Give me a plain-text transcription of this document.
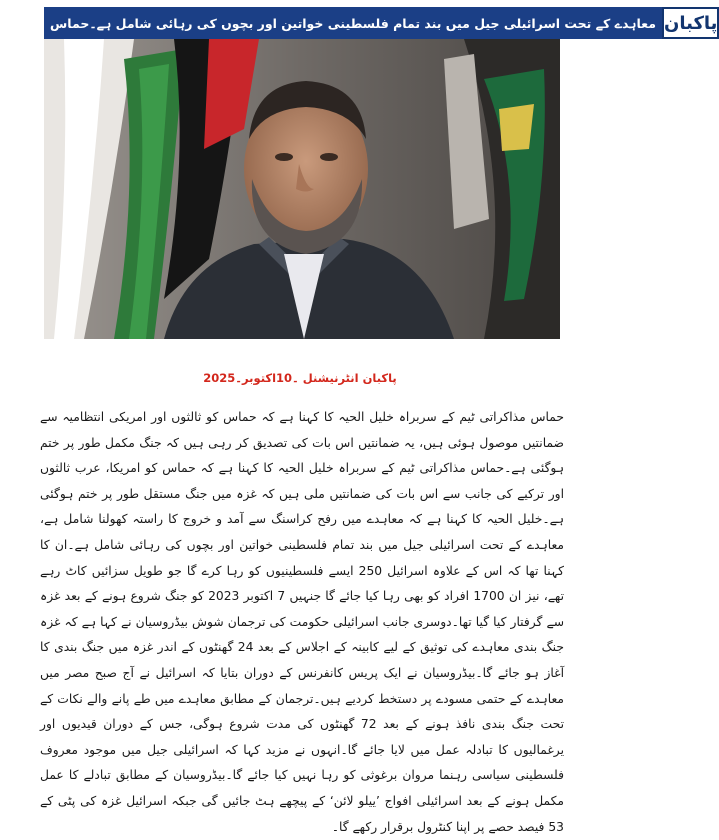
معاہدے کے تحت اسرائیلی جیل میں بند تمام فلسطینی خواتین اور بچوں کی رہائی شامل ہے۔حماس پاکبان
پاکبان انٹرنیشنل ۔10اکتوبر۔2025

حماس مذاکراتی ٹیم کے سربراہ خلیل الحیہ کا کہنا ہے کہ حماس کو ثالثوں اور امریکی انتظامیہ سے ضمانتیں موصول ہوئی ہیں، یہ ضمانتیں اس بات کی تصدیق کر رہی ہیں کہ جنگ مکمل طور پر ختم ہوگئی ہے۔حماس مذاکراتی ٹیم کے سربراہ خلیل الحیہ کا کہنا ہے کہ حماس کو امریکا، عرب ثالثوں اور ترکیے کی جانب سے اس بات کی ضمانتیں ملی ہیں کہ غزہ میں جنگ مستقل طور پر ختم ہوگئی ہے۔خلیل الحیہ کا کہنا ہے کہ معاہدے میں رفح کراسنگ سے آمد و خروج کا راستہ کھولنا شامل ہے، معاہدے کے تحت اسرائیلی جیل میں بند تمام فلسطینی خواتین اور بچوں کی رہائی شامل ہے۔ان کا کہنا تھا کہ اس کے علاوہ اسرائیل 250 ایسے فلسطینیوں کو رہا کرے گا جو طویل سزائیں کاٹ رہے تھے، نیز ان 1700 افراد کو بھی رہا کیا جائے گا جنہیں 7 اکتوبر 2023 کو جنگ شروع ہونے کے بعد غزہ سے گرفتار کیا گیا تھا۔دوسری جانب اسرائیلی حکومت کی ترجمان شوش بیڈروسیان نے کہا ہے کہ غزہ جنگ بندی معاہدے کی توثیق کے لیے کابینہ کے اجلاس کے بعد 24 گھنٹوں کے اندر غزہ میں جنگ بندی کا آغاز ہو جائے گا۔بیڈروسیان نے ایک پریس کانفرنس کے دوران بتایا کہ اسرائیل نے آج صبح مصر میں معاہدے کے حتمی مسودے پر دستخط کردیے ہیں۔ترجمان کے مطابق معاہدے میں طے پانے والے نکات کے تحت جنگ بندی نافذ ہونے کے بعد 72 گھنٹوں کی مدت شروع ہوگی، جس کے دوران قیدیوں اور یرغمالیوں کا تبادلہ عمل میں لایا جائے گا۔انہوں نے مزید کہا کہ اسرائیلی جیل میں موجود معروف فلسطینی سیاسی رہنما مروان برغوثی کو رہا نہیں کیا جائے گا۔بیڈروسیان کے مطابق تبادلے کا عمل مکمل ہونے کے بعد اسرائیلی افواج ’ییلو لائن‘ کے پیچھے ہٹ جائیں گی جبکہ اسرائیل غزہ کی پٹی کے 53 فیصد حصے پر اپنا کنٹرول برقرار رکھے گا۔
